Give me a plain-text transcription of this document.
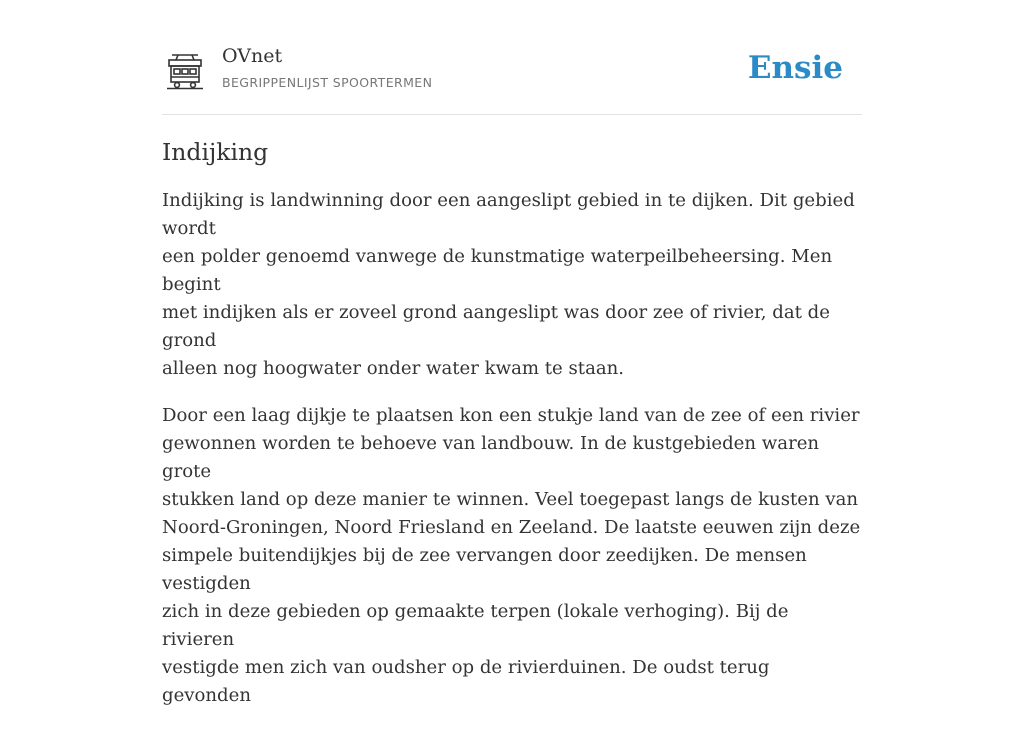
OVnet
BEGRIPPENLIJST SPOORTERMEN	Ensie
Indijking

Indijking is landwinning door een aangeslipt gebied in te dijken. Dit gebied wordt
een polder genoemd vanwege de kunstmatige waterpeilbeheersing. Men begint
met indijken als er zoveel grond aangeslipt was door zee of rivier, dat de grond
alleen nog hoogwater onder water kwam te staan.

Door een laag dijkje te plaatsen kon een stukje land van de zee of een rivier
gewonnen worden te behoeve van landbouw. In de kustgebieden waren grote
stukken land op deze manier te winnen. Veel toegepast langs de kusten van
Noord-Groningen, Noord Friesland en Zeeland. De laatste eeuwen zijn deze
simpele buitendijkjes bij de zee vervangen door zeedijken. De mensen vestigden
zich in deze gebieden op gemaakte terpen (lokale verhoging). Bij de rivieren
vestigde men zich van oudsher op de rivierduinen. De oudst terug gevonden
